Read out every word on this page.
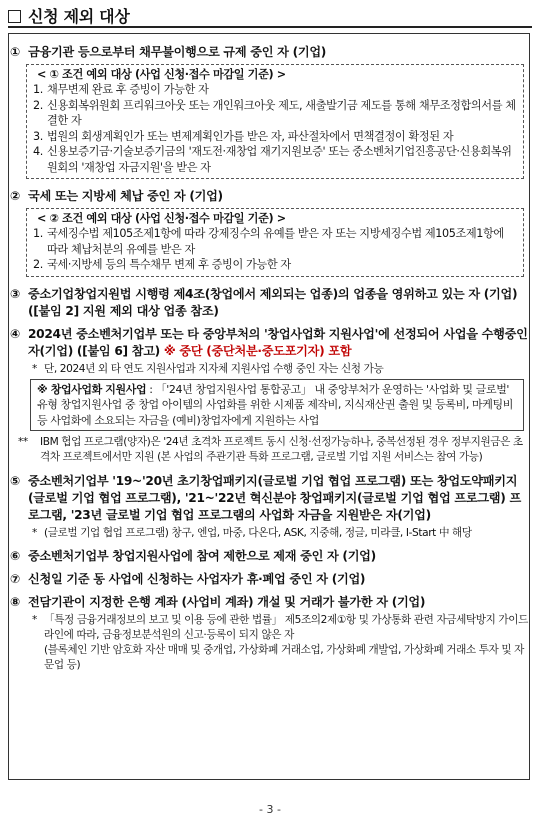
신청 제외 대상
① 금융기관 등으로부터 채무불이행으로 규제 중인 자 (기업)
< ① 조건 예외 대상 (사업 신청·접수 마감일 기준) >
1. 채무변제 완료 후 증빙이 가능한 자
2. 신용회복위원회 프리워크아웃 또는 개인워크아웃 제도, 새출발기금 제도를 통해 채무조정합의서를 체결한 자
3. 법원의 회생계획인가 또는 변제계획인가를 받은 자, 파산절차에서 면책결정이 확정된 자
4. 신용보증기금·기술보증기금의 '재도전·재창업 재기지원보증' 또는 중소벤처기업진흥공단·신용회복위원회의 '재창업 자금지원'을 받은 자
② 국세 또는 지방세 체납 중인 자 (기업)
< ② 조건 예외 대상 (사업 신청·접수 마감일 기준) >
1. 국세징수법 제105조제1항에 따라 강제징수의 유예를 받은 자 또는 지방세징수법 제105조제1항에 따라 체납처분의 유예를 받은 자
2. 국세·지방세 등의 특수채무 변제 후 증빙이 가능한 자
③ 중소기업창업지원법 시행령 제4조(창업에서 제외되는 업종)의 업종을 영위하고 있는 자 (기업) ([붙임 2] 지원 제외 대상 업종 참조)
④ 2024년 중소벤처기업부 또는 타 중앙부처의 '창업사업화 지원사업'에 선정되어 사업을 수행중인 자(기업) ([붙임 6] 참고) ※ 중단 (중단처분·중도포기자) 포함
* 단, 2024년 외 타 연도 지원사업과 지자체 지원사업 수행 중인 자는 신청 가능
※ 창업사업화 지원사업 : 「'24년 창업지원사업 통합공고」 내 중앙부처가 운영하는 '사업화 및 글로벌' 유형 창업지원사업 중 창업 아이템의 사업화를 위한 시제품 제작비, 지식재산권 출원 및 등록비, 마케팅비 등 사업화에 소요되는 자금을 (예비)창업자에게 지원하는 사업
**	IBM 협업 프로그램(양자)은 '24년 초격차 프로젝트 동시 신청·선정가능하나, 중복선정된 경우 정부지원금은 초격차 프로젝트에서만 지원 (본 사업의 주관기관 특화 프로그램, 글로벌 기업 지원 서비스는 참여 가능)
⑤ 중소벤처기업부 '19~'20년 초기창업패키지(글로벌 기업 협업 프로그램) 또는 창업도약패키지(글로벌 기업 협업 프로그램), '21~'22년 혁신분야 창업패키지(글로벌 기업 협업 프로그램) 프로그램, '23년 글로벌 기업 협업 프로그램의 사업화 자금을 지원받은 자(기업)
* (글로벌 기업 협업 프로그램) 창구, 엔업, 마중, 다온다, ASK, 지중해, 정글, 미라클, I-Start 中 해당
⑥ 중소벤처기업부 창업지원사업에 참여 제한으로 제재 중인 자 (기업)
⑦ 신청일 기준 동 사업에 신청하는 사업자가 휴·폐업 중인 자 (기업)
⑧ 전담기관이 지정한 은행 계좌 (사업비 계좌) 개설 및 거래가 불가한 자 (기업)
* 「특정 금융거래정보의 보고 및 이용 등에 관한 법률」 제5조의2제①항 및 가상통화 관련 자금세탁방지 가이드라인에 따라, 금융정보분석원의 신고·등록이 되지 않은 자
(블록체인 기반 암호화 자산 매매 및 중개업, 가상화폐 거래소업, 가상화폐 개발업, 가상화폐 거래소 투자 및 자문업 등)
- 3 -
